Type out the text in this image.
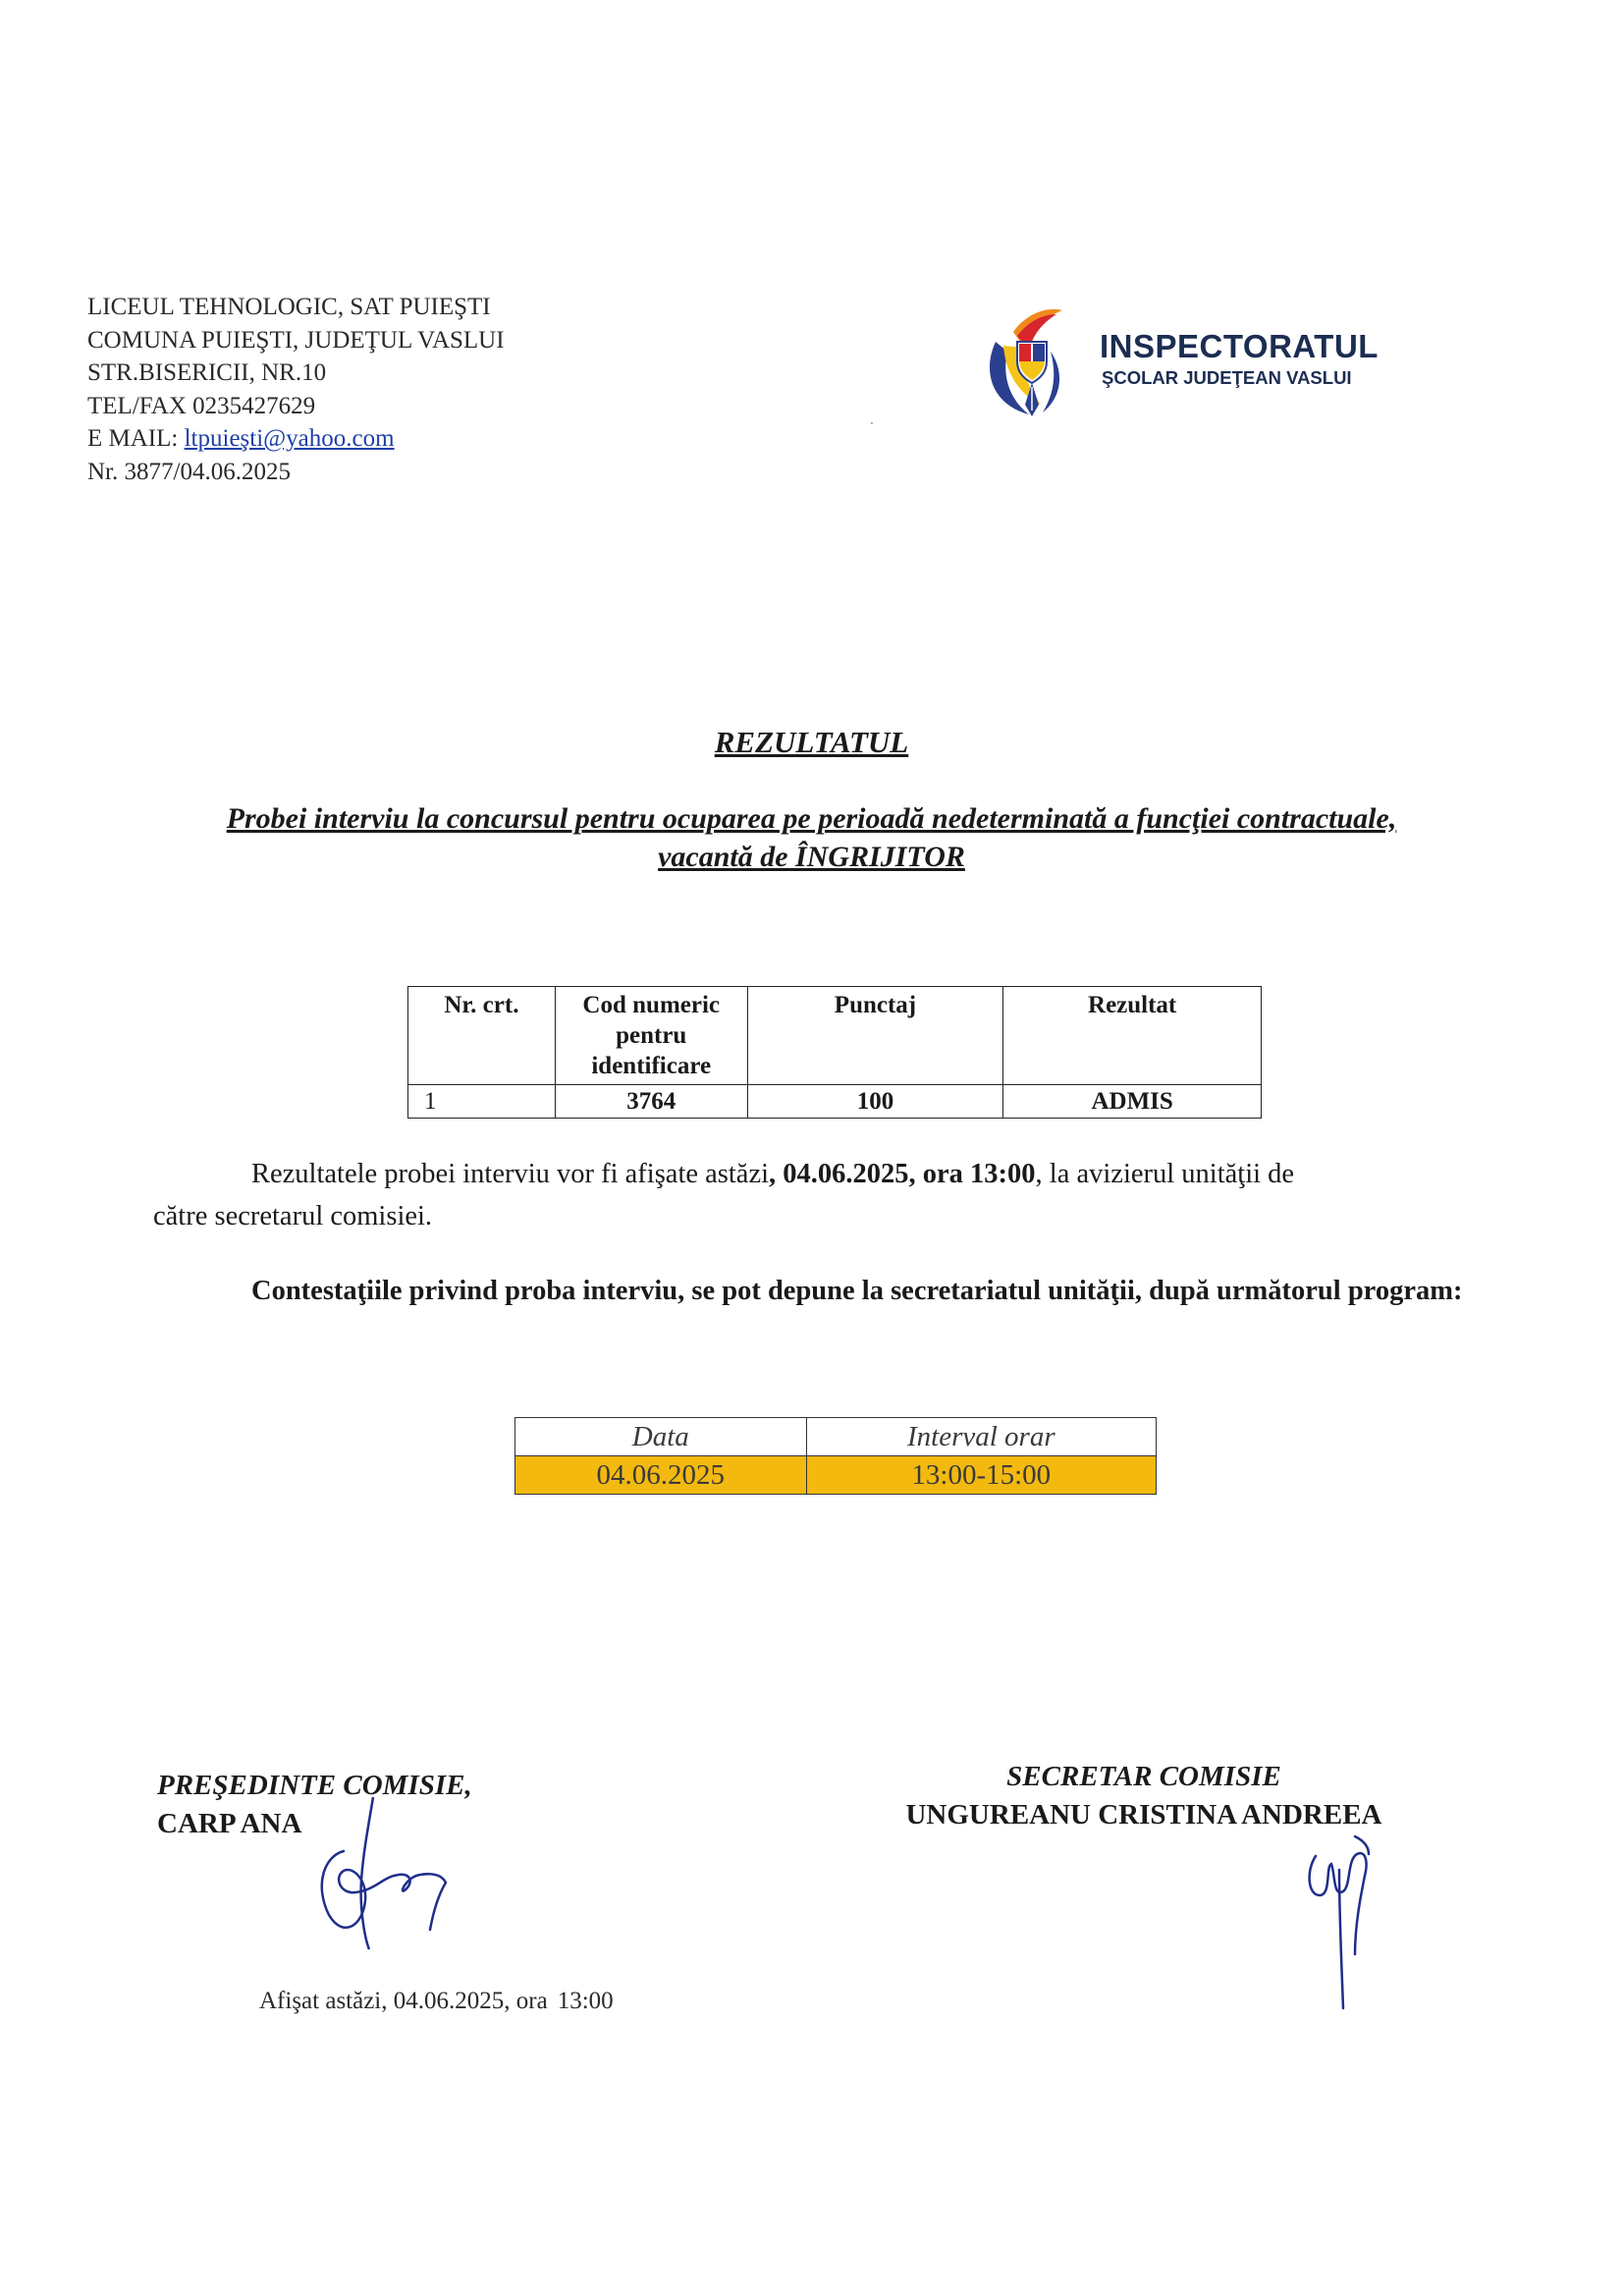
LICEUL TEHNOLOGIC, SAT PUIEŞTI
COMUNA PUIEŞTI, JUDEŢUL VASLUI
STR.BISERICII, NR.10
TEL/FAX 0235427629
E MAIL: ltpuieşti@yahoo.com
Nr. 3877/04.06.2025
INSPECTORATUL
ŞCOLAR JUDEŢEAN VASLUI
REZULTATUL
Probei interviu la concursul pentru ocuparea pe perioadă nedeterminată a funcţiei contractuale,
vacantă de ÎNGRIJITOR
Nr. crt.	Cod numeric
pentru
identificare	Punctaj	Rezultat
1	3764	100	ADMIS
Rezultatele probei interviu vor fi afişate astăzi, 04.06.2025, ora 13:00, la avizierul unităţii de
către secretarul comisiei.
Contestaţiile privind proba interviu, se pot depune la secretariatul unităţii, după următorul program:
Data	Interval orar
04.06.2025	13:00-15:00
PREŞEDINTE COMISIE,
CARP ANA
SECRETAR COMISIE
UNGUREANU CRISTINA ANDREEA
Afişat astăzi, 04.06.2025, ora 13:00
